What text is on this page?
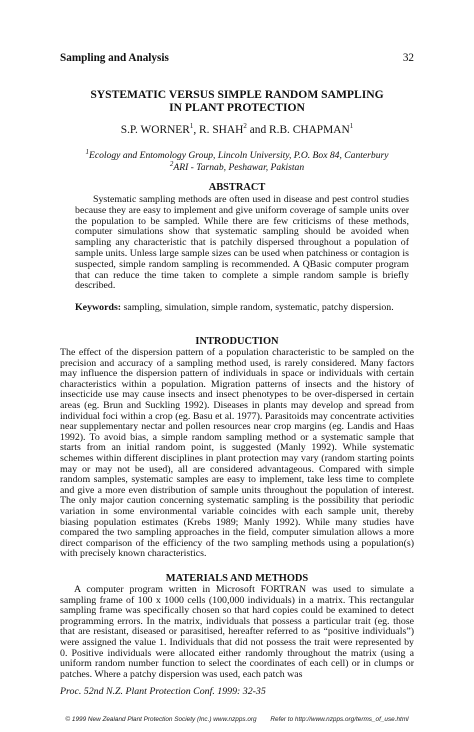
Sampling and Analysis	32
SYSTEMATIC VERSUS SIMPLE RANDOM SAMPLING
IN PLANT PROTECTION
S.P. WORNER$^1$, R. SHAH$^2$ and R.B. CHAPMAN$^1$
$^1$Ecology and Entomology Group, Lincoln University, P.O. Box 84, Canterbury
$^2$ARI - Tarnab, Peshawar, Pakistan
ABSTRACT

Systematic sampling methods are often used in disease and pest control studies because they are easy to implement and give uniform coverage of sample units over the population to be sampled. While there are few criticisms of these methods, computer simulations show that systematic sampling should be avoided when sampling any characteristic that is patchily dispersed throughout a population of sample units. Unless large sample sizes can be used when patchiness or contagion is suspected, simple random sampling is recommended. A QBasic computer program that can reduce the time taken to complete a simple random sample is briefly described.

Keywords: sampling, simulation, simple random, systematic, patchy dispersion.
INTRODUCTION

The effect of the dispersion pattern of a population characteristic to be sampled on the precision and accuracy of a sampling method used, is rarely considered. Many factors may influence the dispersion pattern of individuals in space or individuals with certain characteristics within a population. Migration patterns of insects and the history of insecticide use may cause insects and insect phenotypes to be over-dispersed in certain areas (eg. Brun and Suckling 1992). Diseases in plants may develop and spread from individual foci within a crop (eg. Basu et al. 1977). Parasitoids may concentrate activities near supplementary nectar and pollen resources near crop margins (eg. Landis and Haas 1992). To avoid bias, a simple random sampling method or a systematic sample that starts from an initial random point, is suggested (Manly 1992). While systematic schemes within different disciplines in plant protection may vary (random starting points may or may not be used), all are considered advantageous. Compared with simple random samples, systematic samples are easy to implement, take less time to complete and give a more even distribution of sample units throughout the population of interest. The only major caution concerning systematic sampling is the possibility that periodic variation in some environmental variable coincides with each sample unit, thereby biasing population estimates (Krebs 1989; Manly 1992). While many studies have compared the two sampling approaches in the field, computer simulation allows a more direct comparison of the efficiency of the two sampling methods using a population(s) with precisely known characteristics.

MATERIALS AND METHODS

A computer program written in Microsoft FORTRAN was used to simulate a sampling frame of 100 x 1000 cells (100,000 individuals) in a matrix. This rectangular sampling frame was specifically chosen so that hard copies could be examined to detect programming errors. In the matrix, individuals that possess a particular trait (eg. those that are resistant, diseased or parasitised, hereafter referred to as “positive individuals”) were assigned the value 1. Individuals that did not possess the trait were represented by 0. Positive individuals were allocated either randomly throughout the matrix (using a uniform random number function to select the coordinates of each cell) or in clumps or patches. Where a patchy dispersion was used, each patch was

Proc. 52nd N.Z. Plant Protection Conf. 1999: 32-35
© 1999 New Zealand Plant Protection Society (Inc.) www.nzpps.org Refer to http://www.nzpps.org/terms_of_use.html
